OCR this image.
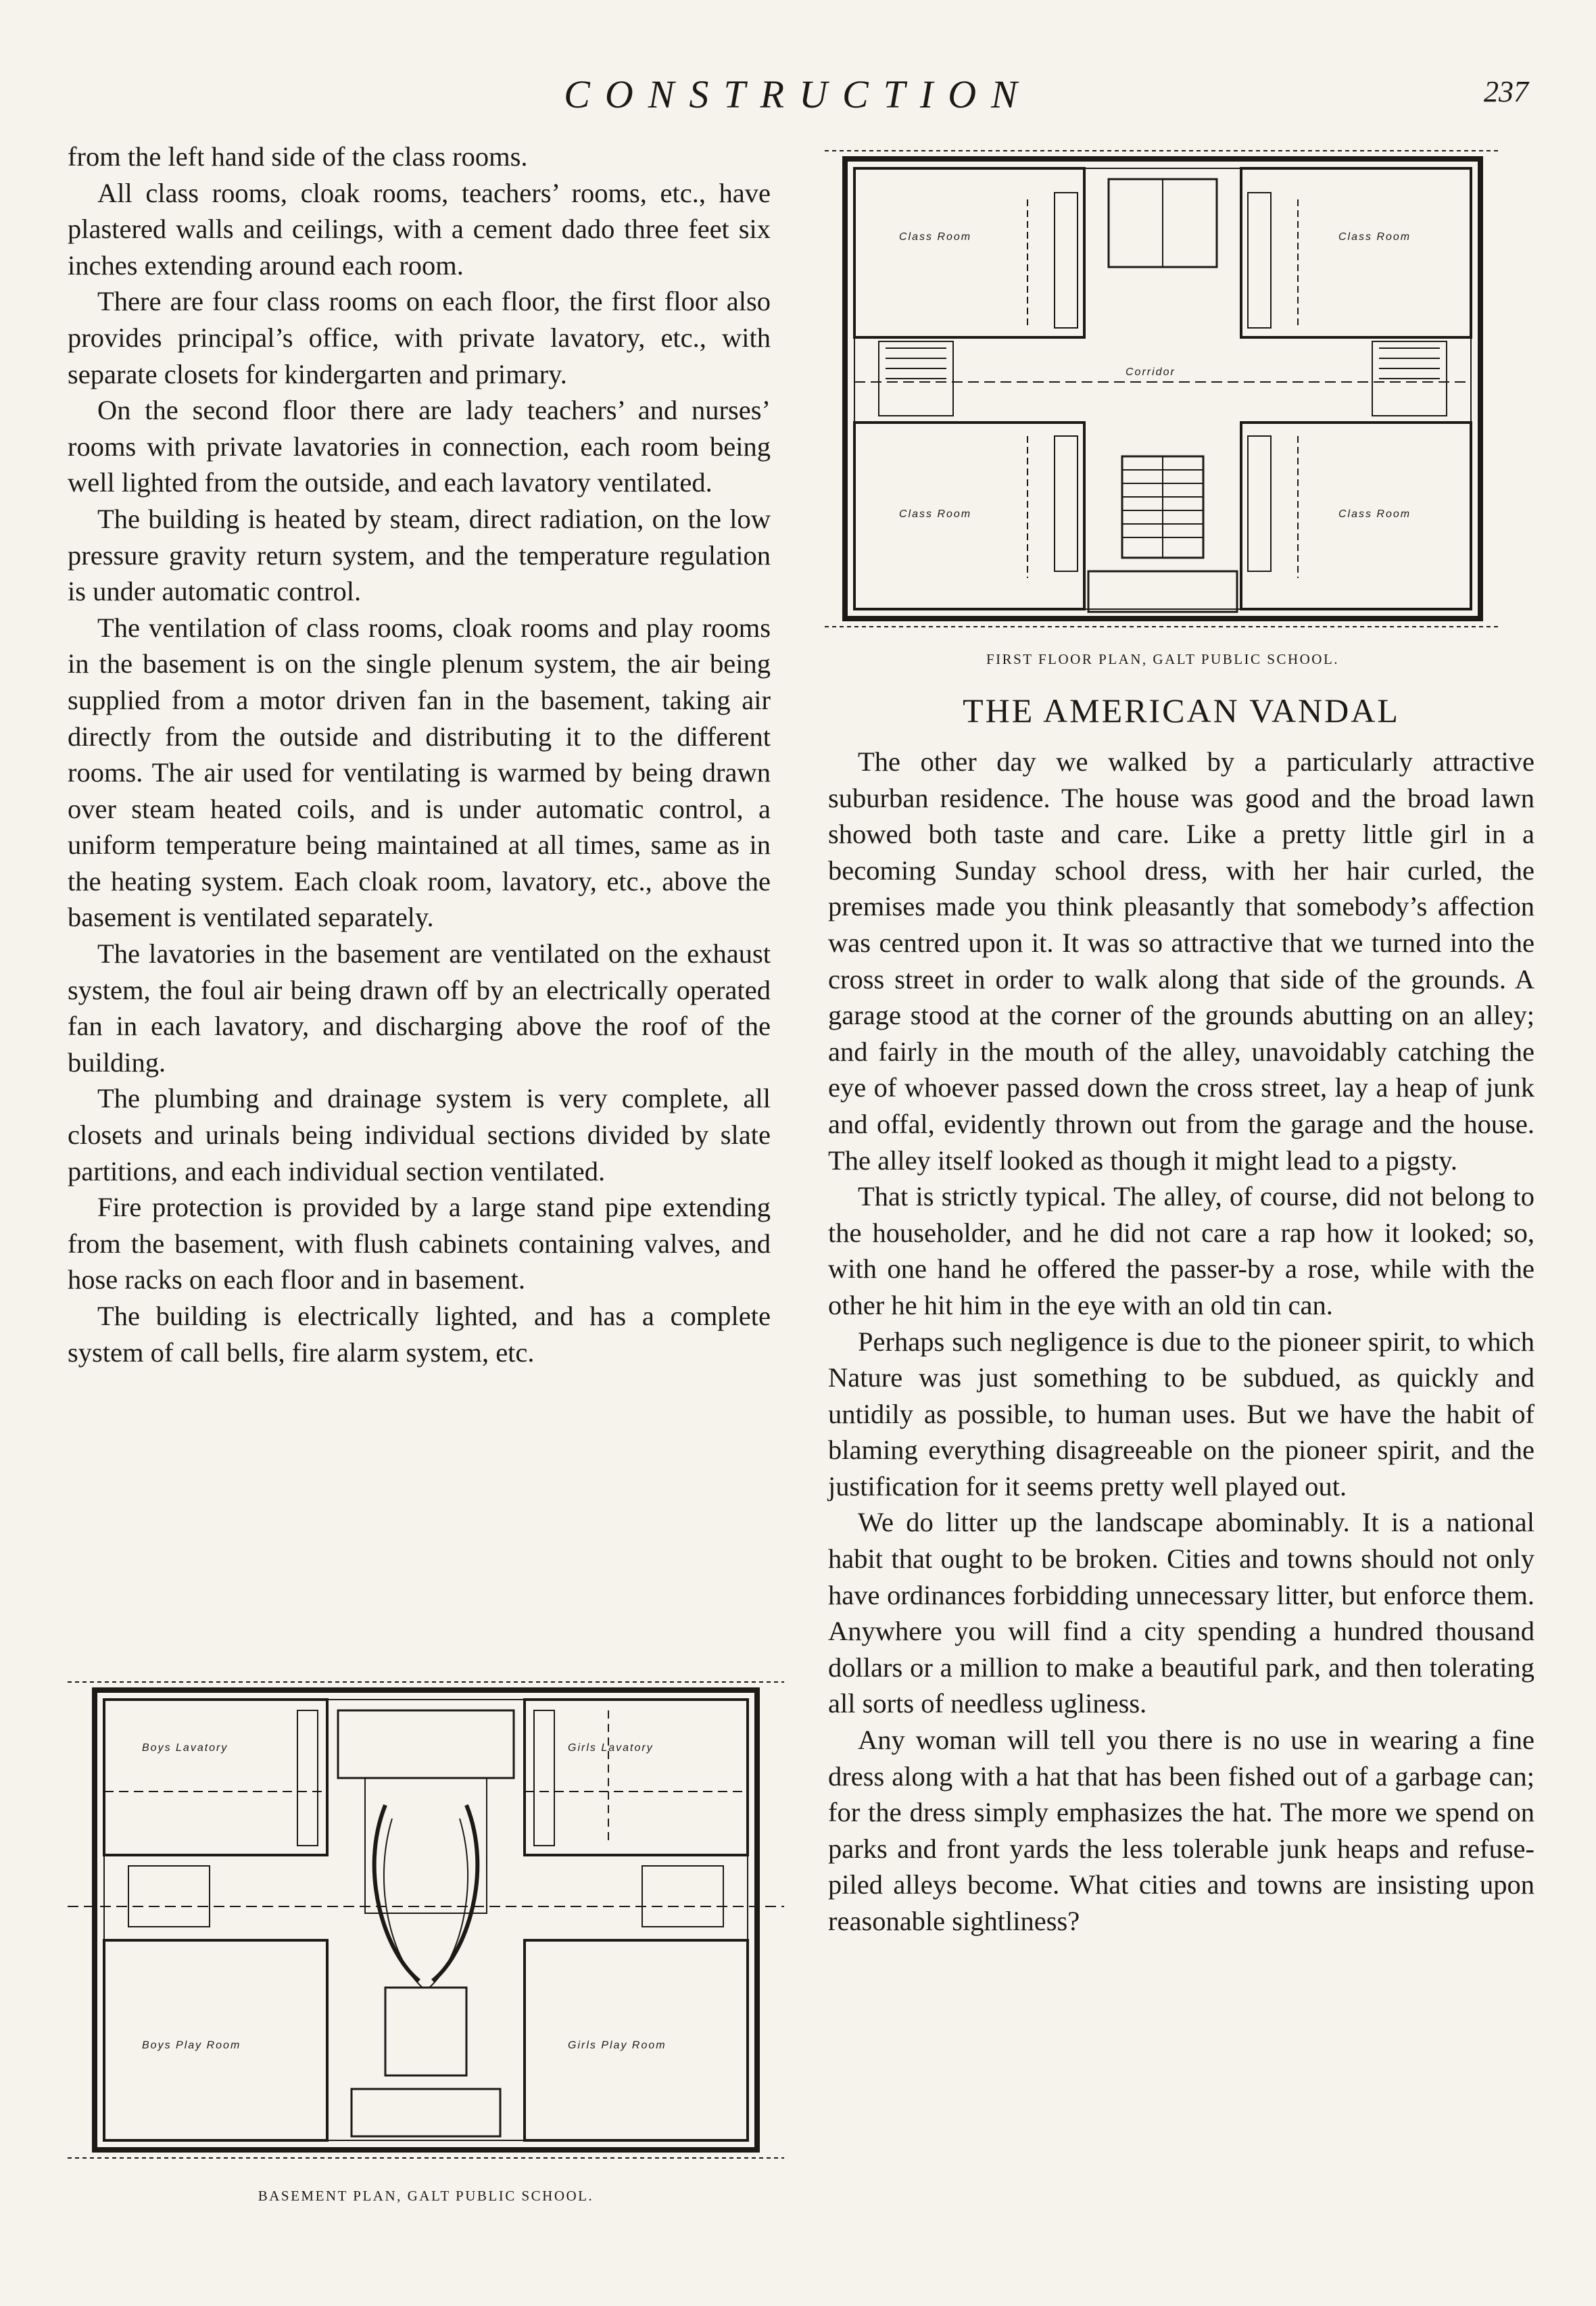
CONSTRUCTION	237

from the left hand side of the class rooms.

All class rooms, cloak rooms, teachers’ rooms, etc., have plastered walls and ceilings, with a cement dado three feet six inches extending around each room.

There are four class rooms on each floor, the first floor also provides principal’s office, with private lavatory, etc., with separate closets for kindergarten and primary.

On the second floor there are lady teachers’ and nurses’ rooms with private lavatories in connection, each room being well lighted from the outside, and each lavatory ventilated.

The building is heated by steam, direct radiation, on the low pressure gravity return system, and the temperature regulation is under automatic control.

The ventilation of class rooms, cloak rooms and play rooms in the basement is on the single plenum system, the air being supplied from a motor driven fan in the basement, taking air directly from the outside and distributing it to the different rooms. The air used for ventilating is warmed by being drawn over steam heated coils, and is under automatic control, a uniform temperature being maintained at all times, same as in the heating system. Each cloak room, lavatory, etc., above the basement is ventilated separately.

The lavatories in the basement are ventilated on the exhaust system, the foul air being drawn off by an electrically operated fan in each lavatory, and discharging above the roof of the building.

The plumbing and drainage system is very complete, all closets and urinals being individual sections divided by slate partitions, and each individual section ventilated.

Fire protection is provided by a large stand pipe extending from the basement, with flush cabinets containing valves, and hose racks on each floor and in basement.

The building is electrically lighted, and has a complete system of call bells, fire alarm system, etc.

Class Room	Class Room
Class Room	Class Room
Corridor
FIRST FLOOR PLAN, GALT PUBLIC SCHOOL.
THE AMERICAN VANDAL

The other day we walked by a particularly attractive suburban residence. The house was good and the broad lawn showed both taste and care. Like a pretty little girl in a becoming Sunday school dress, with her hair curled, the premises made you think pleasantly that somebody’s affection was centred upon it. It was so attractive that we turned into the cross street in order to walk along that side of the grounds. A garage stood at the corner of the grounds abutting on an alley; and fairly in the mouth of the alley, unavoidably catching the eye of whoever passed down the cross street, lay a heap of junk and offal, evidently thrown out from the garage and the house. The alley itself looked as though it might lead to a pigsty.

That is strictly typical. The alley, of course, did not belong to the householder, and he did not care a rap how it looked; so, with one hand he offered the passer-by a rose, while with the other he hit him in the eye with an old tin can.

Perhaps such negligence is due to the pioneer spirit, to which Nature was just something to be subdued, as quickly and untidily as possible, to human uses. But we have the habit of blaming everything disagreeable on the pioneer spirit, and the justification for it seems pretty well played out.

We do litter up the landscape abominably. It is a national habit that ought to be broken. Cities and towns should not only have ordinances forbidding unnecessary litter, but enforce them. Anywhere you will find a city spending a hundred thousand dollars or a million to make a beautiful park, and then tolerating all sorts of needless ugliness.

Any woman will tell you there is no use in wearing a fine dress along with a hat that has been fished out of a garbage can; for the dress simply emphasizes the hat. The more we spend on parks and front yards the less tolerable junk heaps and refuse-piled alleys become. What cities and towns are insisting upon reasonable sightliness?

Boys Lavatory	Girls Lavatory
Boys Play Room	Girls Play Room
BASEMENT PLAN, GALT PUBLIC SCHOOL.
